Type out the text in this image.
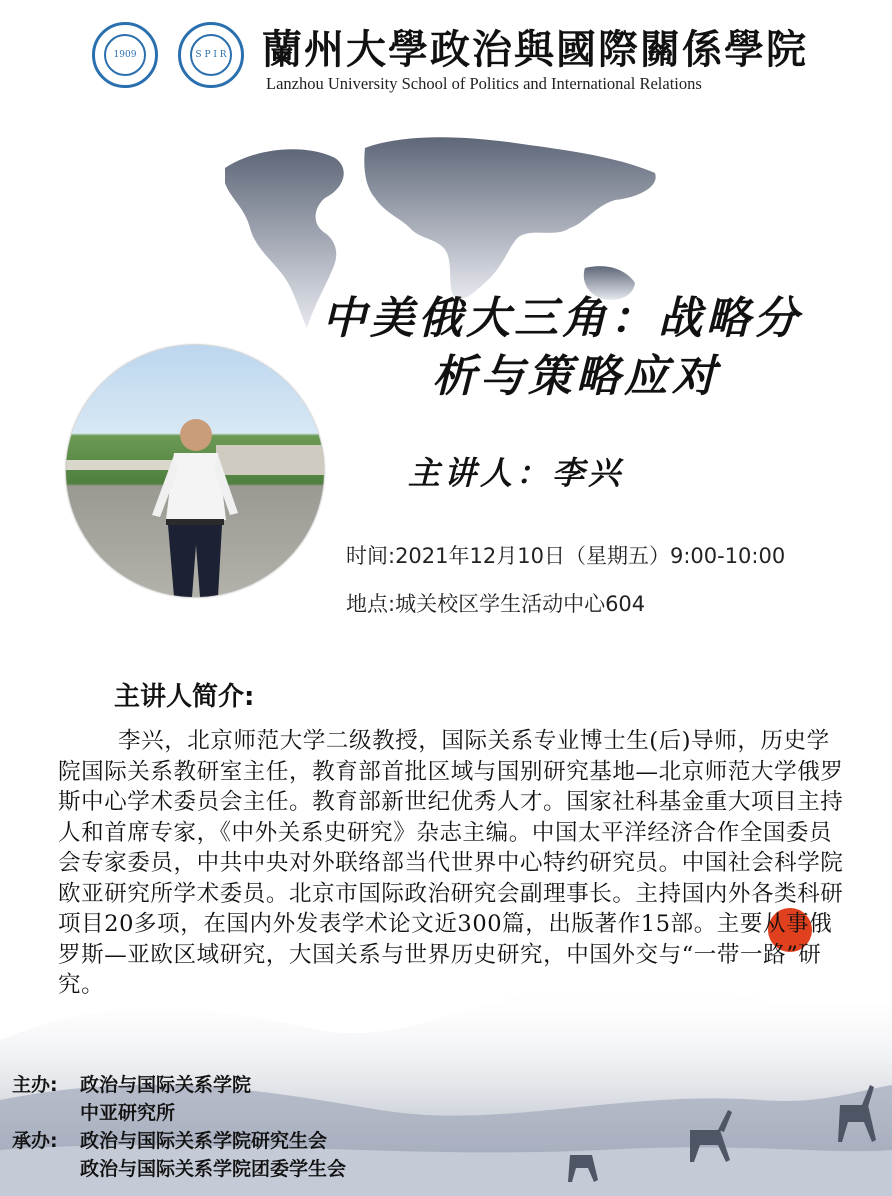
1909	S P I R 蘭州大學政治與國際關係學院
Lanzhou University School of Politics and International Relations
中美俄大三角：战略分
析与策略应对
主讲人：李兴
时间:2021年12月10日（星期五）9:00-10:00
地点:城关校区学生活动中心604
主讲人简介:
李兴，北京师范大学二级教授，国际关系专业博士生(后)导师，历史学院国际关系教研室主任，教育部首批区域与国别研究基地—北京师范大学俄罗斯中心学术委员会主任。教育部新世纪优秀人才。国家社科基金重大项目主持人和首席专家，《中外关系史研究》杂志主编。中国太平洋经济合作全国委员会专家委员，中共中央对外联络部当代世界中心特约研究员。中国社会科学院欧亚研究所学术委员。北京市国际政治研究会副理事长。主持国内外各类科研项目20多项，在国内外发表学术论文近300篇，出版著作15部。主要从事俄罗斯—亚欧区域研究，大国关系与世界历史研究，中国外交与“一带一路”研究。
主办: 政治与国际关系学院
中亚研究所
承办: 政治与国际关系学院研究生会
政治与国际关系学院团委学生会
